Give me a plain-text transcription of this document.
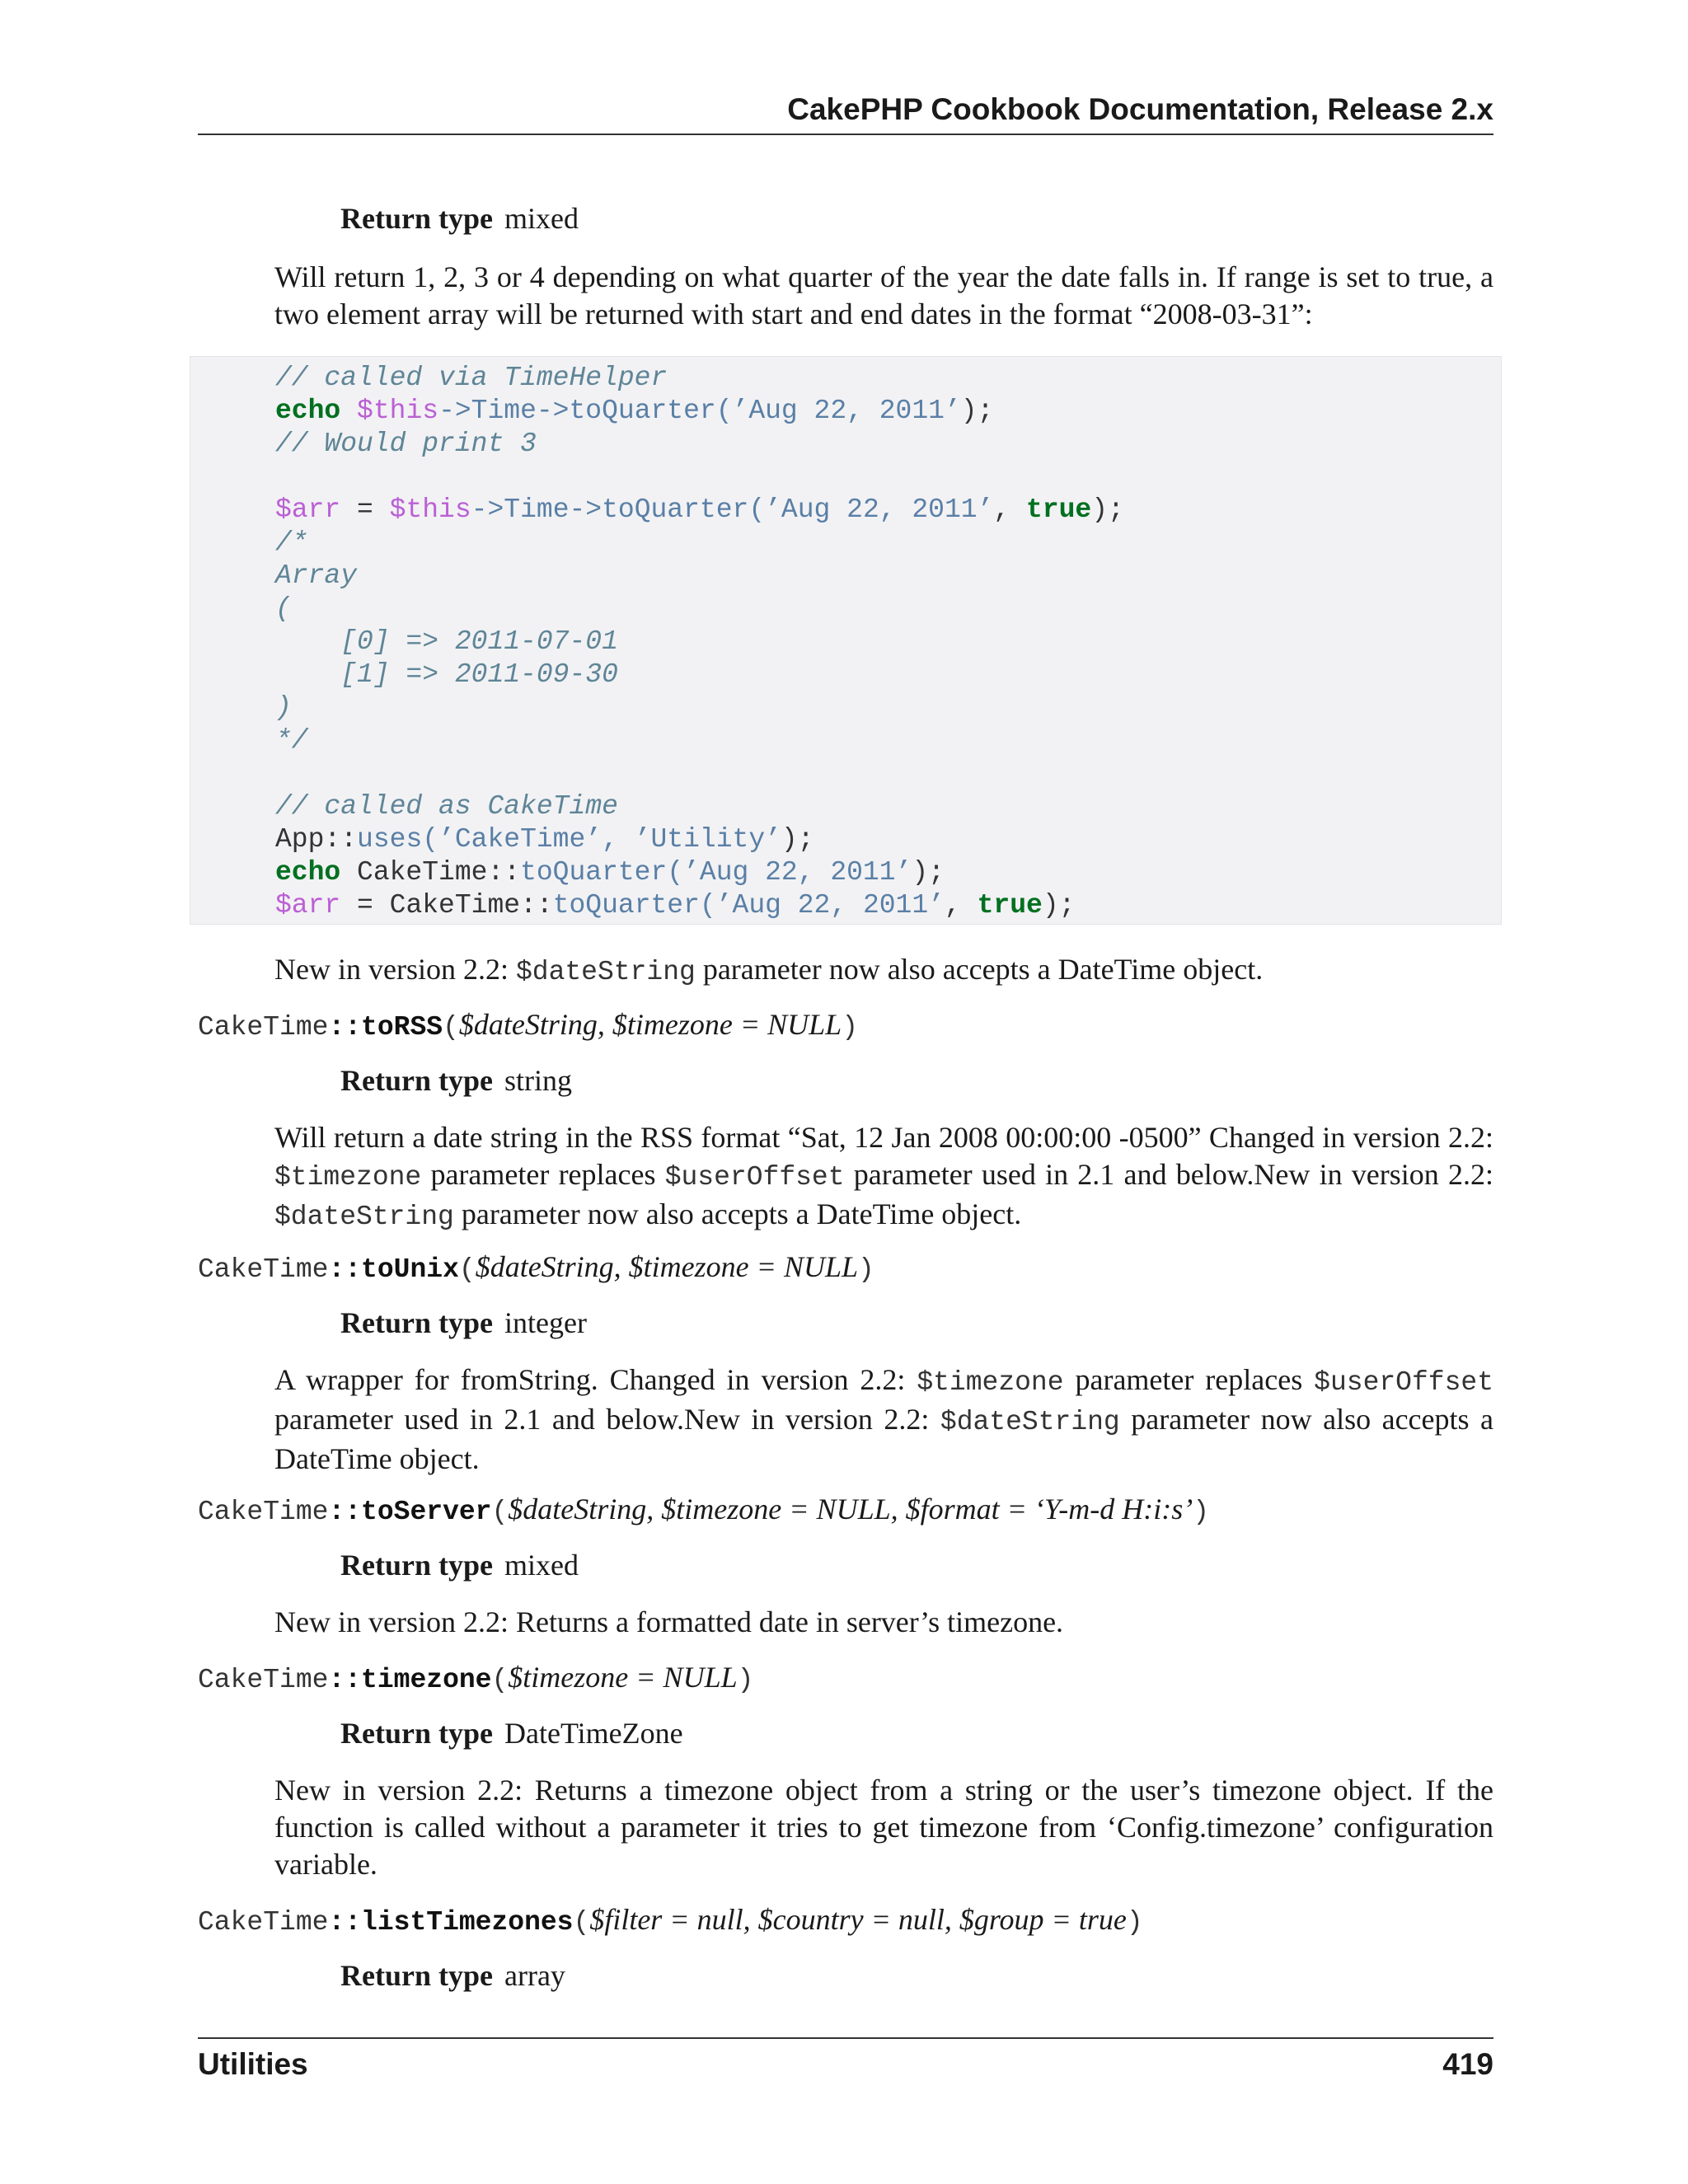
CakePHP Cookbook Documentation, Release 2.x
Return type mixed
Will return 1, 2, 3 or 4 depending on what quarter of the year the date falls in. If range is set to true, a two element array will be returned with start and end dates in the format “2008-03-31”:
// called via TimeHelper
echo $this->Time->toQuarter(’Aug 22, 2011’);
// Would print 3

$arr = $this->Time->toQuarter(’Aug 22, 2011’, true);
/*
Array
(
[0] => 2011-07-01
[1] => 2011-09-30
)
*/

// called as CakeTime
App::uses(’CakeTime’, ’Utility’);
echo CakeTime::toQuarter(’Aug 22, 2011’);
$arr = CakeTime::toQuarter(’Aug 22, 2011’, true);
New in version 2.2: $dateString parameter now also accepts a DateTime object.
CakeTime::toRSS($dateString, $timezone = NULL)
Return type string
Will return a date string in the RSS format “Sat, 12 Jan 2008 00:00:00 -0500” Changed in version 2.2: $timezone parameter replaces $userOffset parameter used in 2.1 and below.New in version 2.2: $dateString parameter now also accepts a DateTime object.
CakeTime::toUnix($dateString, $timezone = NULL)
Return type integer
A wrapper for fromString. Changed in version 2.2: $timezone parameter replaces $userOffset parameter used in 2.1 and below.New in version 2.2: $dateString parameter now also accepts a DateTime object.
CakeTime::toServer($dateString, $timezone = NULL, $format = ‘Y-m-d H:i:s’)
Return type mixed
New in version 2.2: Returns a formatted date in server’s timezone.
CakeTime::timezone($timezone = NULL)
Return type DateTimeZone
New in version 2.2: Returns a timezone object from a string or the user’s timezone object. If the function is called without a parameter it tries to get timezone from ‘Config.timezone’ configuration variable.
CakeTime::listTimezones($filter = null, $country = null, $group = true)
Return type array
Utilities	419
